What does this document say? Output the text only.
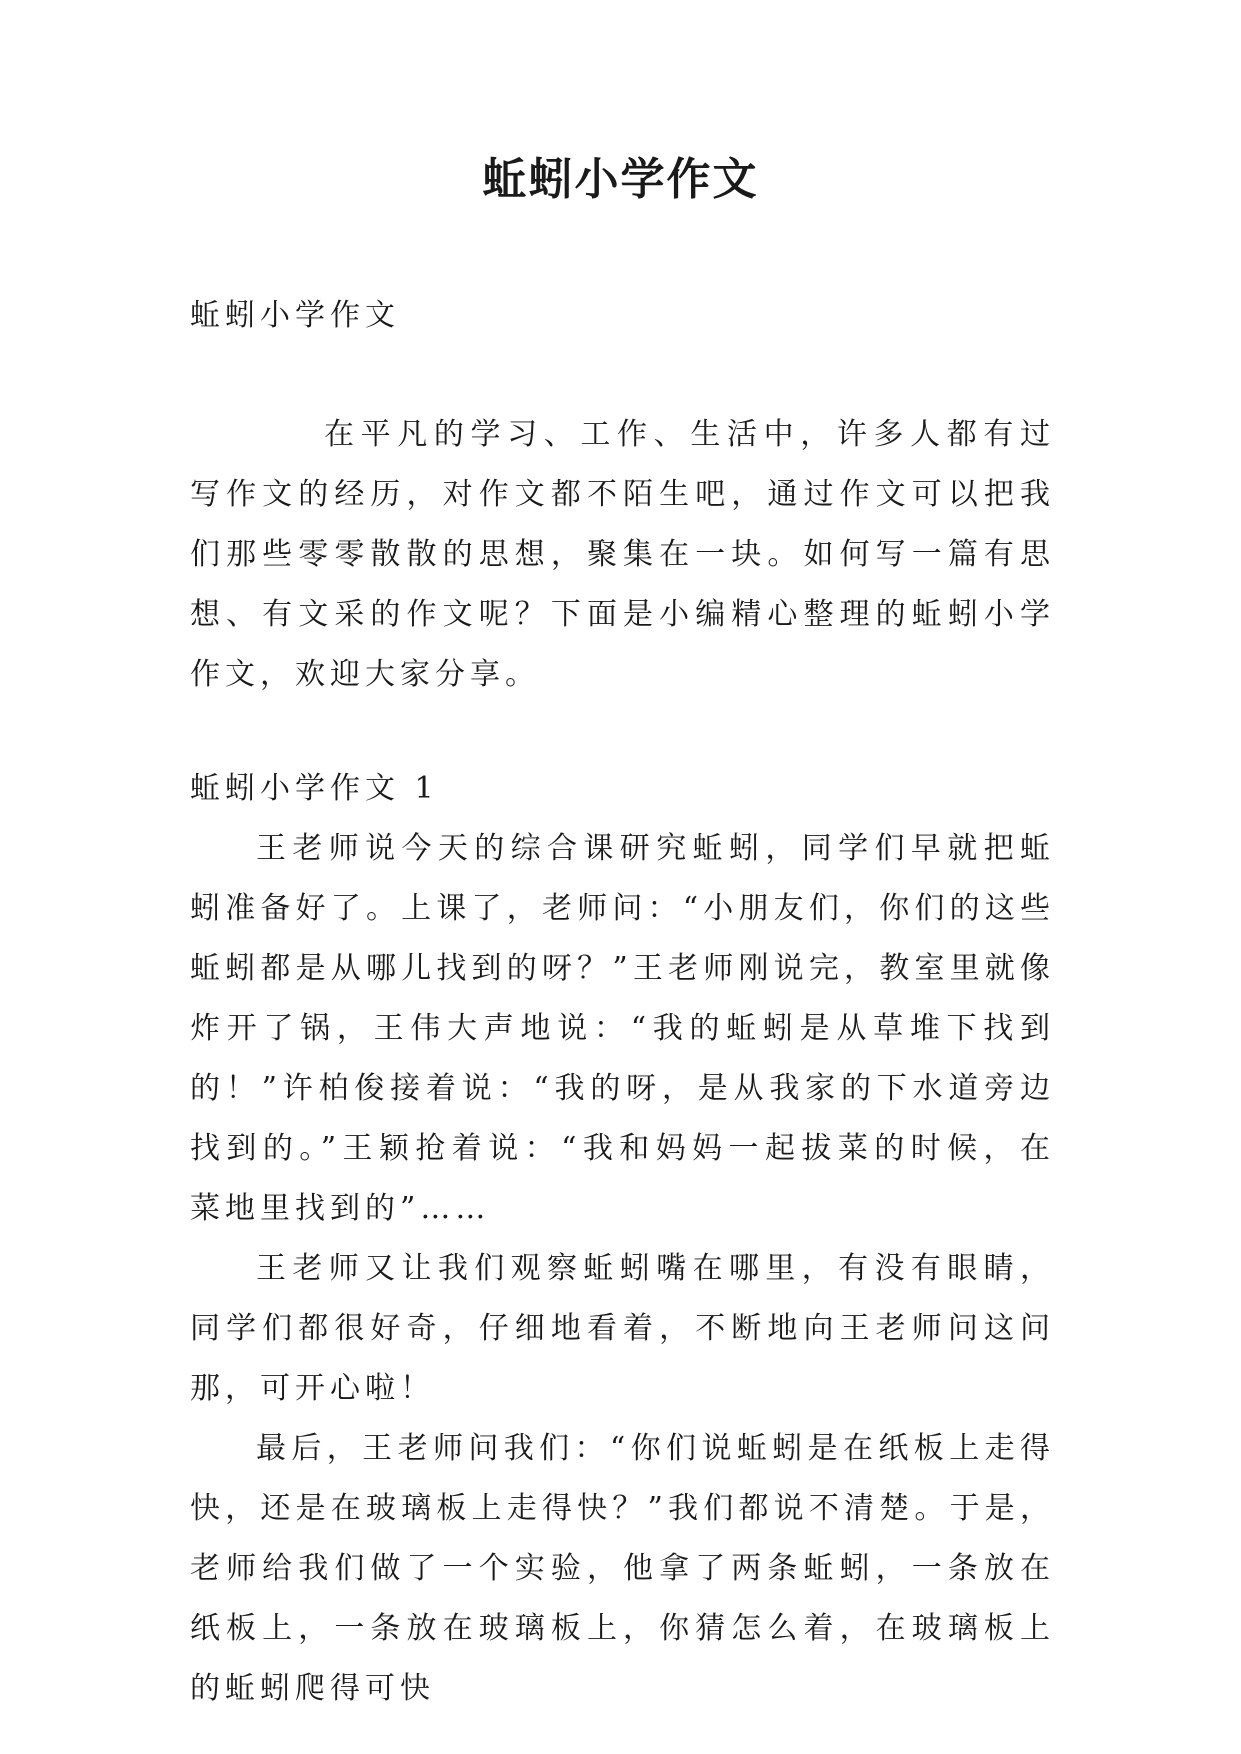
蚯蚓小学作文
蚯蚓小学作文
在平凡的学习、工作、生活中，许多人都有过写作文的经历，对作文都不陌生吧，通过作文可以把我们那些零零散散的思想，聚集在一块。如何写一篇有思想、有文采的作文呢？下面是小编精心整理的蚯蚓小学作文，欢迎大家分享。
蚯蚓小学作文 1

王老师说今天的综合课研究蚯蚓，同学们早就把蚯蚓准备好了。上课了，老师问：“小朋友们，你们的这些蚯蚓都是从哪儿找到的呀？”王老师刚说完，教室里就像炸开了锅，王伟大声地说：“我的蚯蚓是从草堆下找到的！”许柏俊接着说：“我的呀，是从我家的下水道旁边找到的。”王颖抢着说：“我和妈妈一起拔菜的时候，在菜地里找到的”……

王老师又让我们观察蚯蚓嘴在哪里，有没有眼睛，同学们都很好奇，仔细地看着，不断地向王老师问这问那，可开心啦！

最后，王老师问我们：“你们说蚯蚓是在纸板上走得快，还是在玻璃板上走得快？”我们都说不清楚。于是，老师给我们做了一个实验，他拿了两条蚯蚓，一条放在纸板上，一条放在玻璃板上，你猜怎么着，在玻璃板上的蚯蚓爬得可快
